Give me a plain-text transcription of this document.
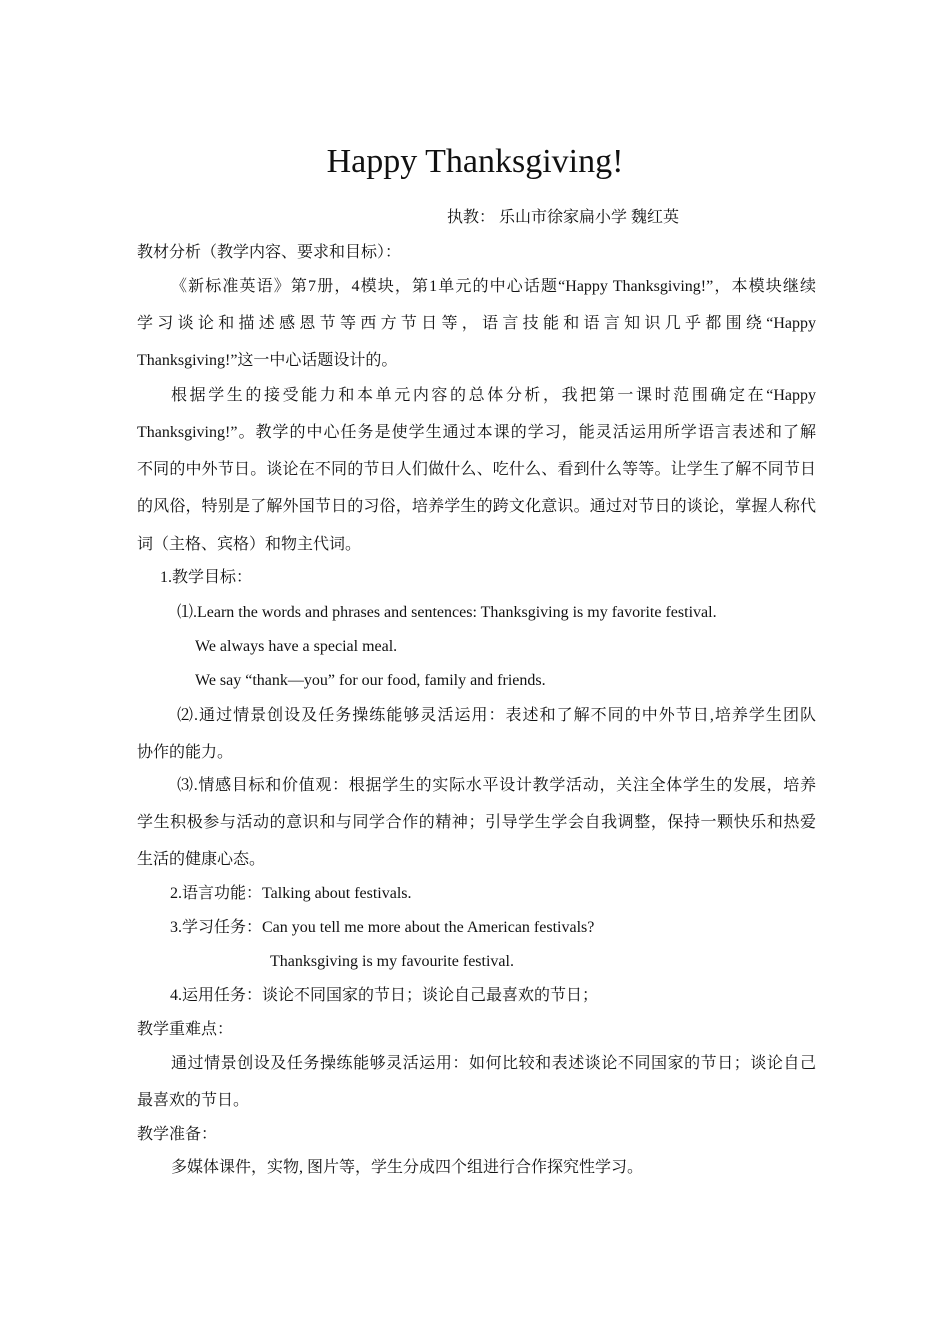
Happy Thanksgiving!
执教： 乐山市徐家扁小学 魏红英
教材分析（教学内容、要求和目标）：
《新标准英语》第7册，4模块，第1单元的中心话题“Happy Thanksgiving!”，本模块继续
学习谈论和描述感恩节等西方节日等，语言技能和语言知识几乎都围绕“Happy
Thanksgiving!”这一中心话题设计的。
根据学生的接受能力和本单元内容的总体分析，我把第一课时范围确定在“Happy
Thanksgiving!”。教学的中心任务是使学生通过本课的学习，能灵活运用所学语言表述和了解
不同的中外节日。谈论在不同的节日人们做什么、吃什么、看到什么等等。让学生了解不同节日
的风俗，特别是了解外国节日的习俗，培养学生的跨文化意识。通过对节日的谈论，掌握人称代
词（主格、宾格）和物主代词。
1.教学目标：
⑴.Learn the words and phrases and sentences: Thanksgiving is my favorite festival.
We always have a special meal.
We say “thank—you” for our food, family and friends.
⑵.通过情景创设及任务操练能够灵活运用：表述和了解不同的中外节日,培养学生团队
协作的能力。
⑶.情感目标和价值观：根据学生的实际水平设计教学活动，关注全体学生的发展，培养
学生积极参与活动的意识和与同学合作的精神；引导学生学会自我调整，保持一颗快乐和热爱
生活的健康心态。
2.语言功能：Talking about festivals.
3.学习任务：Can you tell me more about the American festivals?
Thanksgiving is my favourite festival.
4.运用任务：谈论不同国家的节日；谈论自己最喜欢的节日；
教学重难点：
通过情景创设及任务操练能够灵活运用：如何比较和表述谈论不同国家的节日；谈论自己
最喜欢的节日。
教学准备：
多媒体课件，实物, 图片等，学生分成四个组进行合作探究性学习。
